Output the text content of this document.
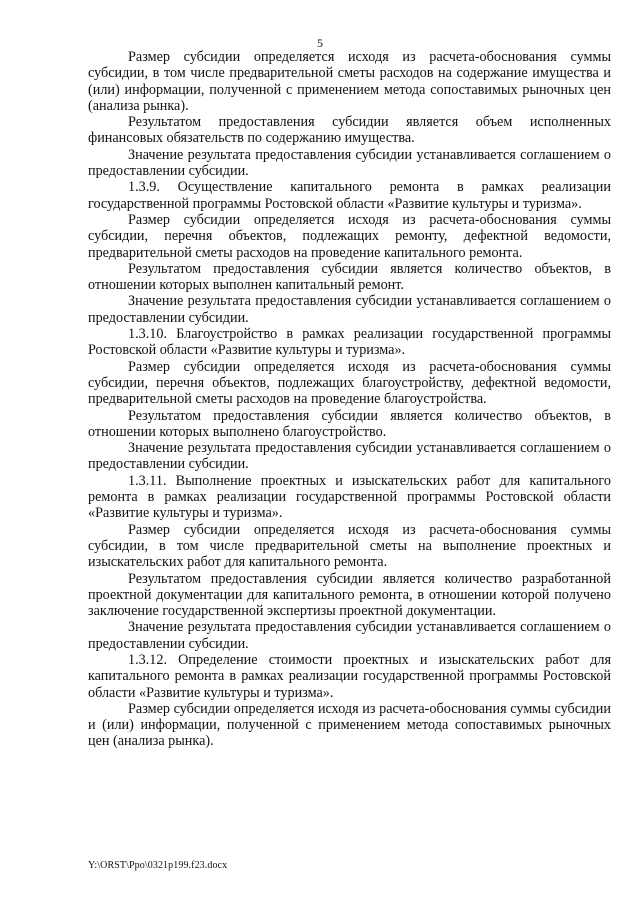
5

Размер субсидии определяется исходя из расчета-обоснования суммы субсидии, в том числе предварительной сметы расходов на содержание имущества и (или) информации, полученной с применением метода сопоставимых рыночных цен (анализа рынка).

Результатом предоставления субсидии является объем исполненных финансовых обязательств по содержанию имущества.

Значение результата предоставления субсидии устанавливается соглашением о предоставлении субсидии.

1.3.9. Осуществление капитального ремонта в рамках реализации государственной программы Ростовской области «Развитие культуры и туризма».

Размер субсидии определяется исходя из расчета-обоснования суммы субсидии, перечня объектов, подлежащих ремонту, дефектной ведомости, предварительной сметы расходов на проведение капитального ремонта.

Результатом предоставления субсидии является количество объектов, в отношении которых выполнен капитальный ремонт.

Значение результата предоставления субсидии устанавливается соглашением о предоставлении субсидии.

1.3.10. Благоустройство в рамках реализации государственной программы Ростовской области «Развитие культуры и туризма».

Размер субсидии определяется исходя из расчета-обоснования суммы субсидии, перечня объектов, подлежащих благоустройству, дефектной ведомости, предварительной сметы расходов на проведение благоустройства.

Результатом предоставления субсидии является количество объектов, в отношении которых выполнено благоустройство.

Значение результата предоставления субсидии устанавливается соглашением о предоставлении субсидии.

1.3.11. Выполнение проектных и изыскательских работ для капитального ремонта в рамках реализации государственной программы Ростовской области «Развитие культуры и туризма».

Размер субсидии определяется исходя из расчета-обоснования суммы субсидии, в том числе предварительной сметы на выполнение проектных и изыскательских работ для капитального ремонта.

Результатом предоставления субсидии является количество разработанной проектной документации для капитального ремонта, в отношении которой получено заключение государственной экспертизы проектной документации.

Значение результата предоставления субсидии устанавливается соглашением о предоставлении субсидии.

1.3.12. Определение стоимости проектных и изыскательских работ для капитального ремонта в рамках реализации государственной программы Ростовской области «Развитие культуры и туризма».

Размер субсидии определяется исходя из расчета-обоснования суммы субсидии и (или) информации, полученной с применением метода сопоставимых рыночных цен (анализа рынка).

Y:\ORST\Ppo\0321p199.f23.docx
